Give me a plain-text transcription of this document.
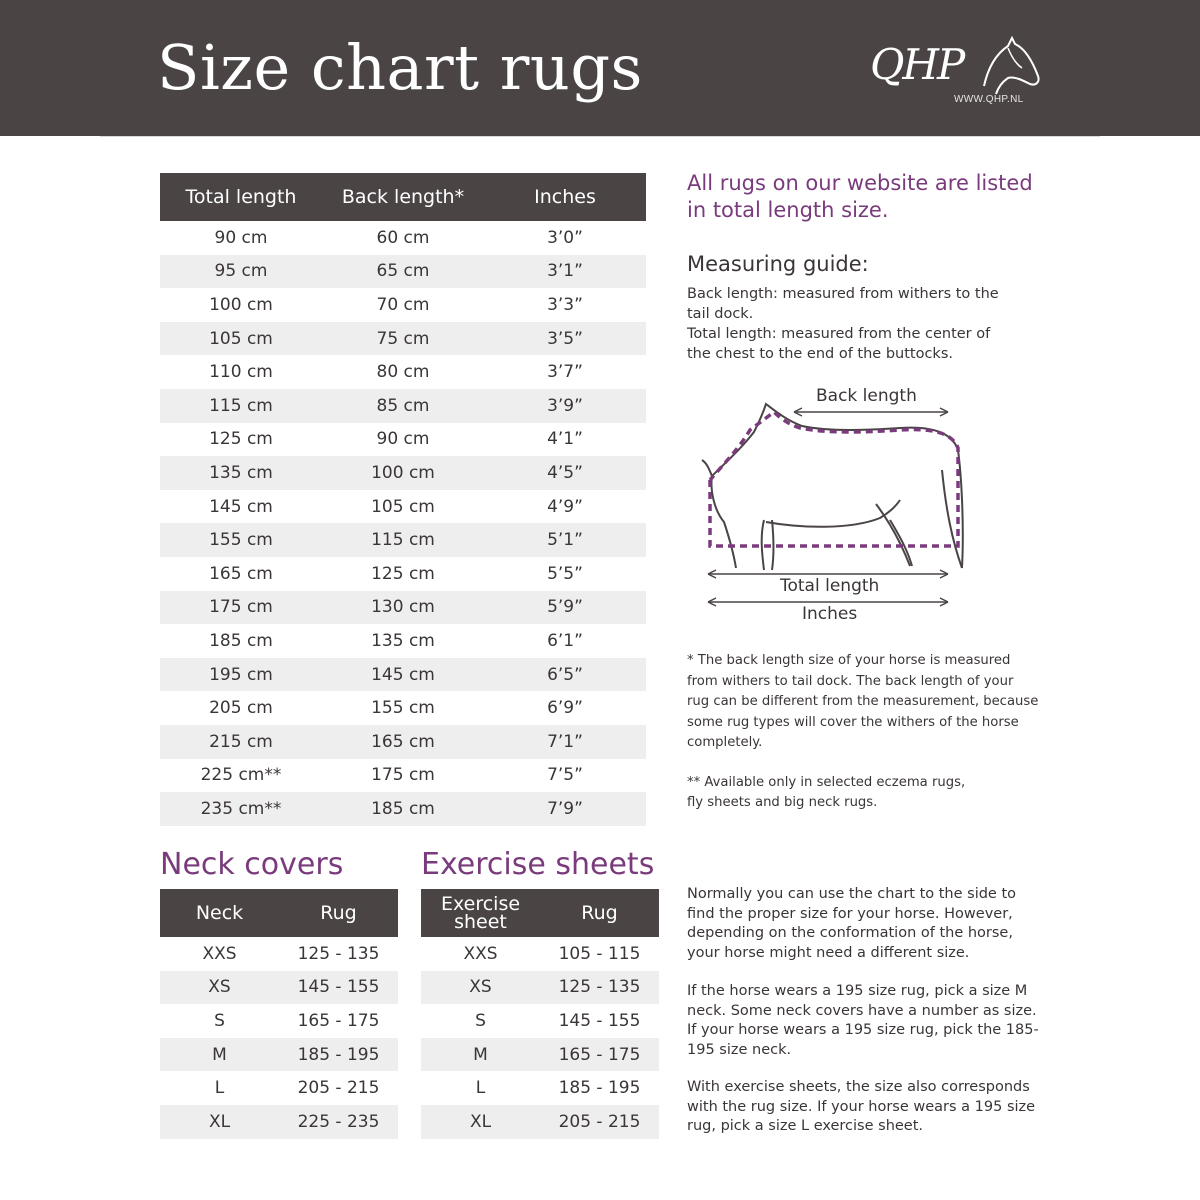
Size chart rugs	QHP
WWW.QHP.NL
Total length	Back length*	Inches
90 cm	60 cm	3’0”
95 cm	65 cm	3’1”
100 cm	70 cm	3’3”
105 cm	75 cm	3’5”
110 cm	80 cm	3’7”
115 cm	85 cm	3’9”
125 cm	90 cm	4’1”
135 cm	100 cm	4’5”
145 cm	105 cm	4’9”
155 cm	115 cm	5’1”
165 cm	125 cm	5’5”
175 cm	130 cm	5’9”
185 cm	135 cm	6’1”
195 cm	145 cm	6’5”
205 cm	155 cm	6’9”
215 cm	165 cm	7’1”
225 cm**	175 cm	7’5”
235 cm**	185 cm	7’9”
All rugs on our website are listed in total length size.
Measuring guide:

Back length: measured from withers to the tail dock.

Total length: measured from the center of the chest to the end of the buttocks.

Back length
Total length
Inches

* The back length size of your horse is measured from withers to tail dock. The back length of your rug can be different from the measurement, because some rug types will cover the withers of the horse completely.

** Available only in selected eczema rugs,

fly sheets and big neck rugs.

Neck covers
Neck	Rug
XXS	125 - 135
XS	145 - 155
S	165 - 175
M	185 - 195
L	205 - 215
XL	225 - 235
Exercise sheets
Exercise
sheet	Rug
XXS	105 - 115
XS	125 - 135
S	145 - 155
M	165 - 175
L	185 - 195
XL	205 - 215

Normally you can use the chart to the side to find the proper size for your horse. However, depending on the conformation of the horse, your horse might need a different size.

If the horse wears a 195 size rug, pick a size M neck. Some neck covers have a number as size. If your horse wears a 195 size rug, pick the 185-195 size neck.

With exercise sheets, the size also corresponds with the rug size. If your horse wears a 195 size rug, pick a size L exercise sheet.
